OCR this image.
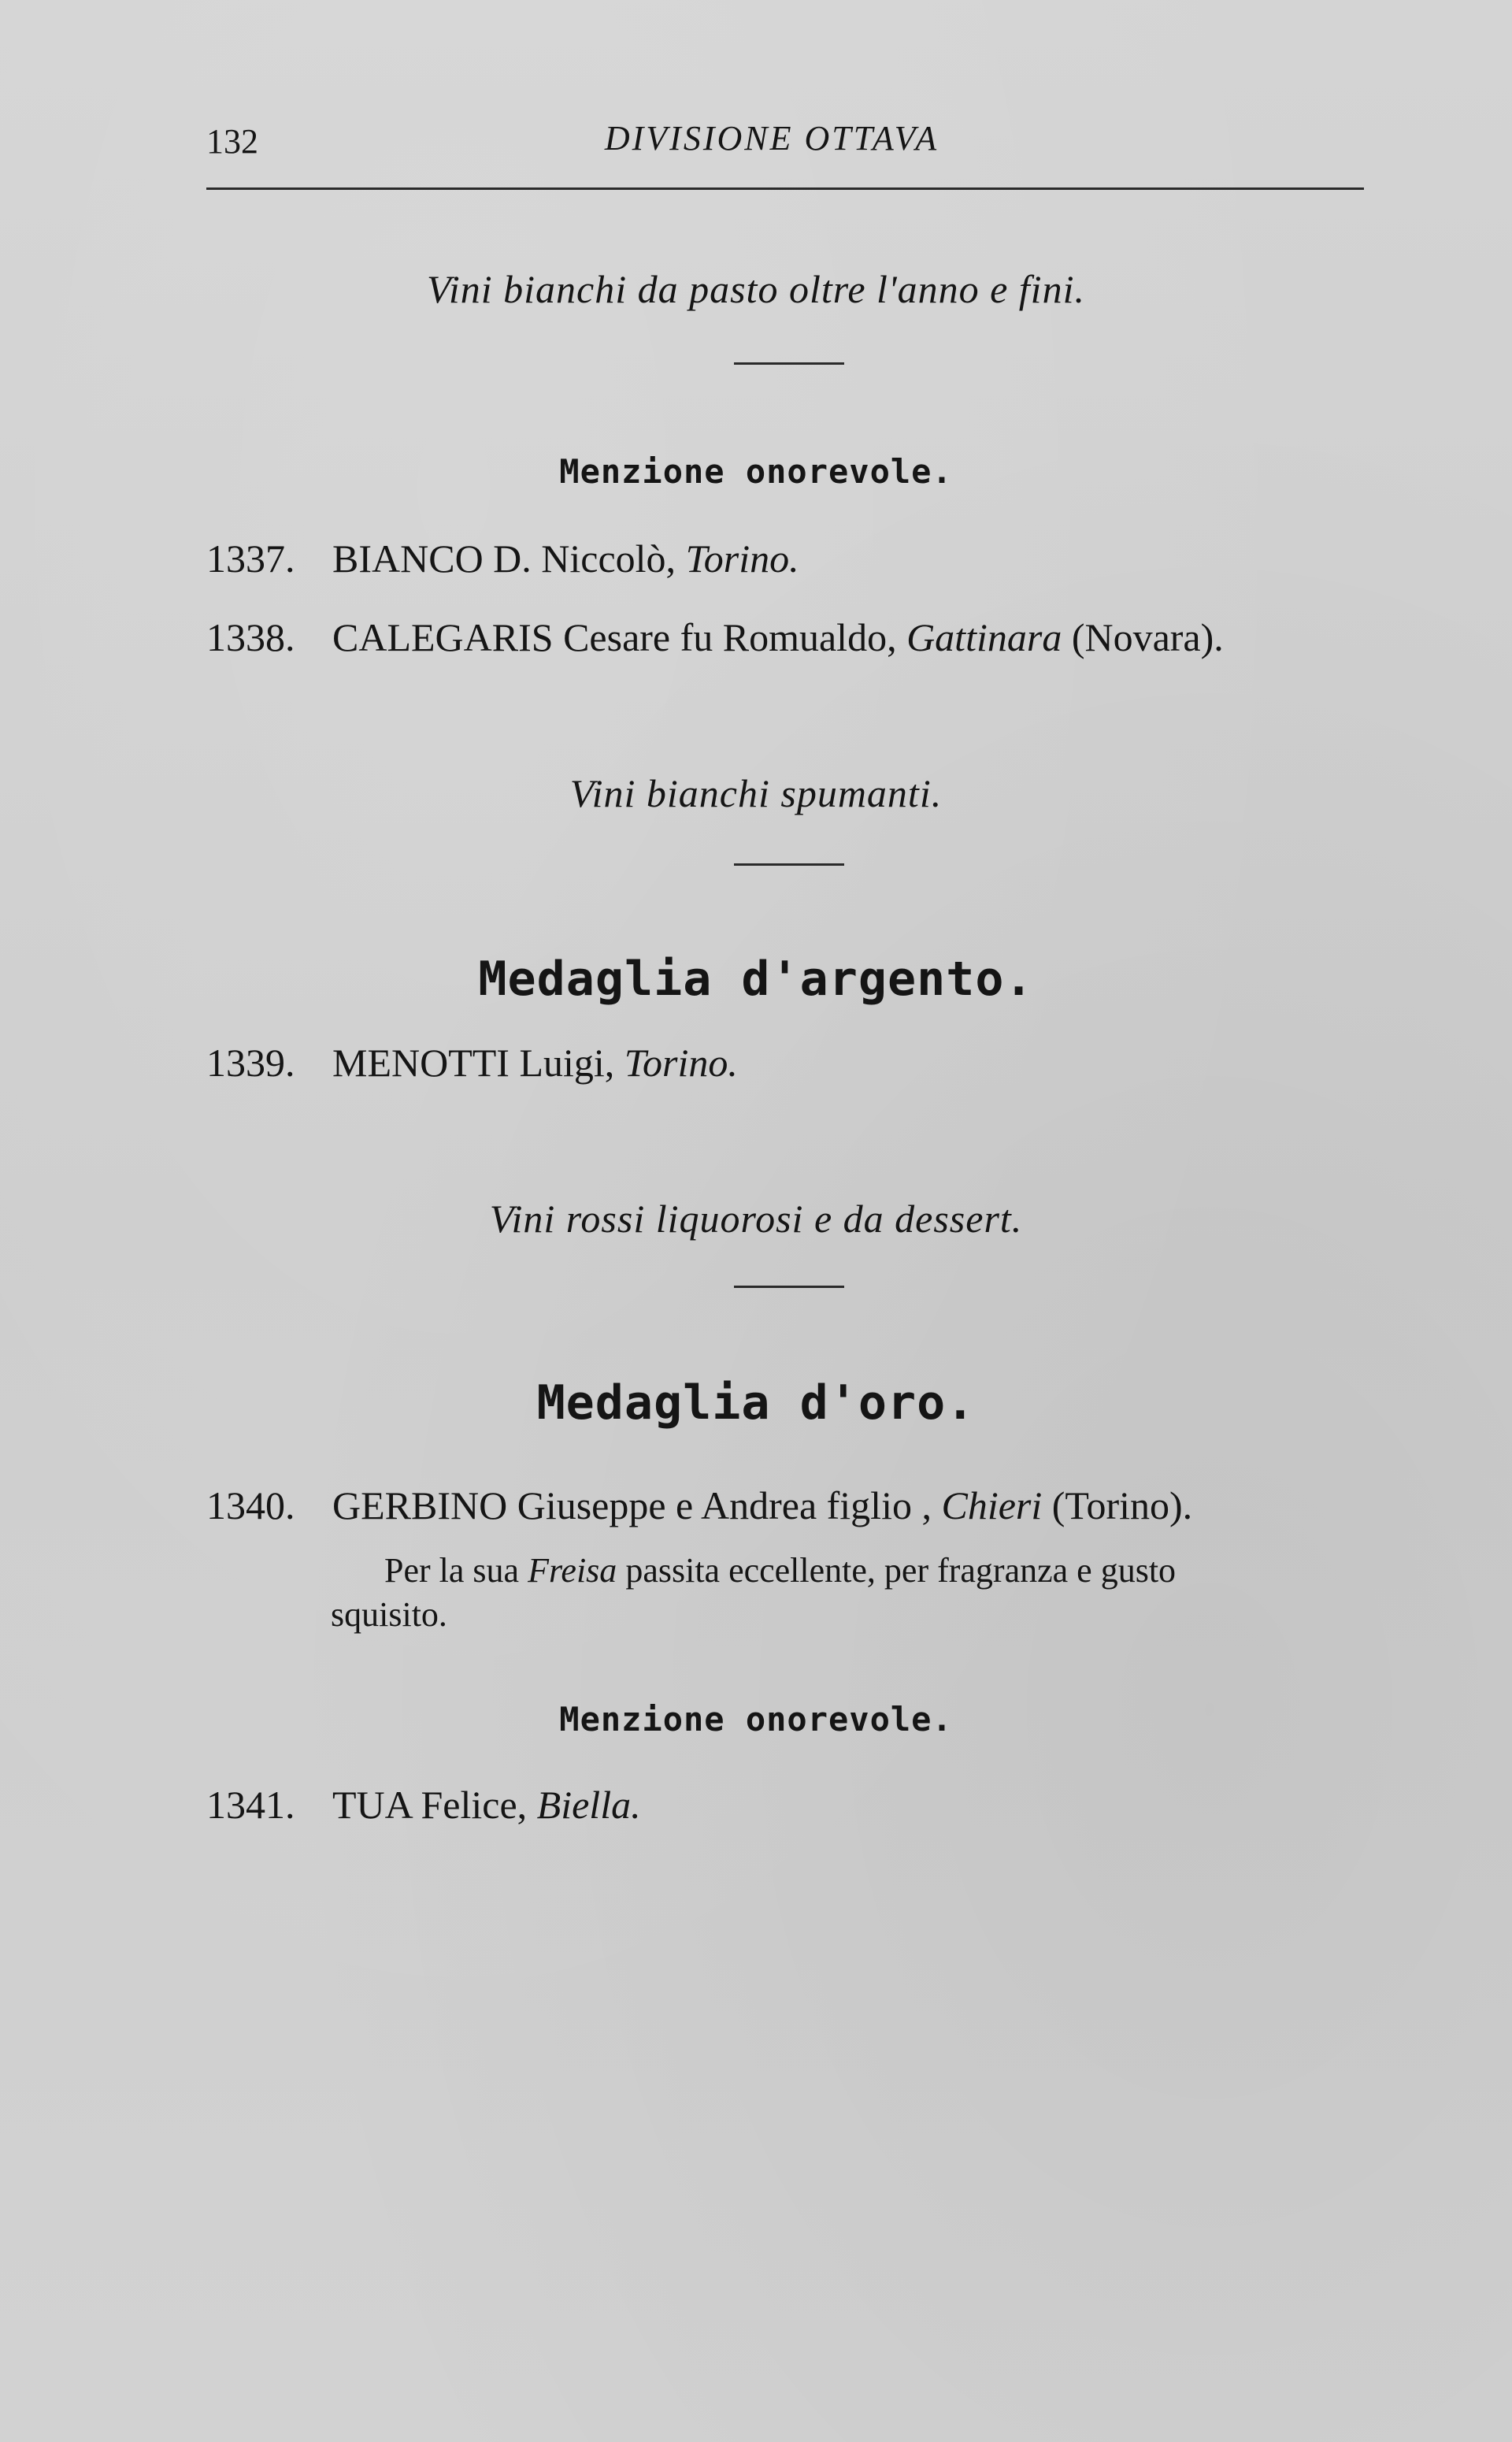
132	DIVISIONE OTTAVA

Vini bianchi da pasto oltre l'anno e fini.

Menzione onorevole.

1337. BIANCO D. Niccolò, Torino.

1338. CALEGARIS Cesare fu Romualdo, Gattinara (Novara).

Vini bianchi spumanti.

Medaglia d'argento.

1339. MENOTTI Luigi, Torino.

Vini rossi liquorosi e da dessert.

Medaglia d'oro.

1340. GERBINO Giuseppe e Andrea figlio , Chieri (Torino).

Per la sua Freisa passita eccellente, per fragranza e gusto

squisito.

Menzione onorevole.

1341. TUA Felice, Biella.
